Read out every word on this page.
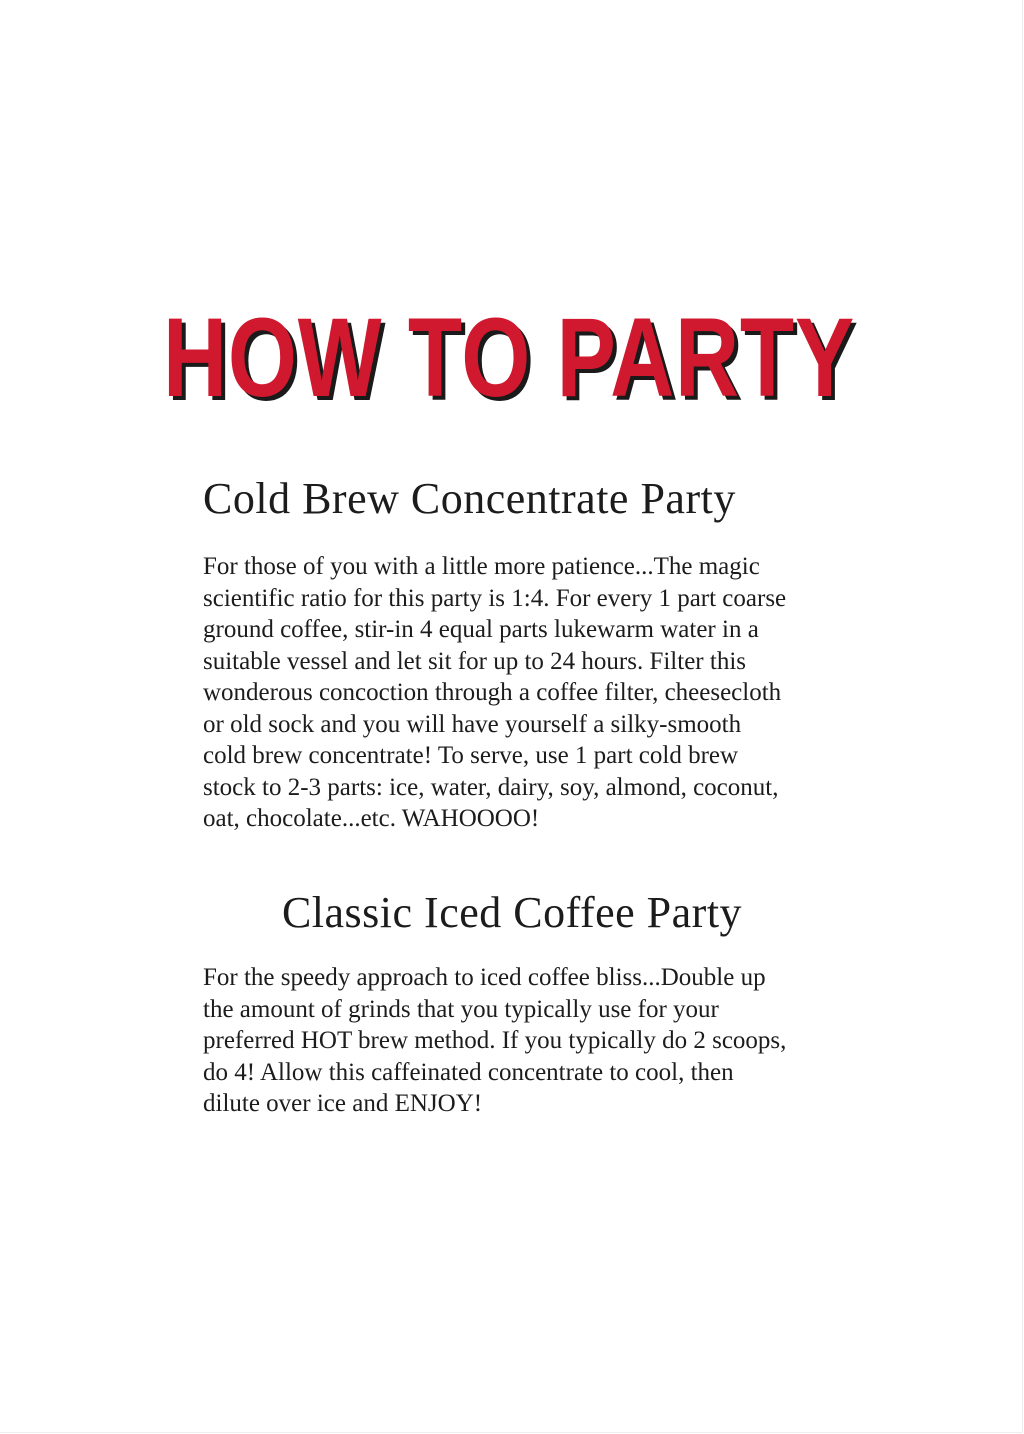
HOW TO PARTY
Cold Brew Concentrate Party
For those of you with a little more patience...The magic
scientific ratio for this party is 1:4. For every 1 part coarse
ground coffee, stir-in 4 equal parts lukewarm water in a
suitable vessel and let sit for up to 24 hours. Filter this
wonderous concoction through a coffee filter, cheesecloth
or old sock and you will have yourself a silky-smooth
cold brew concentrate! To serve, use 1 part cold brew
stock to 2-3 parts: ice, water, dairy, soy, almond, coconut,
oat, chocolate...etc. WAHOOOO!
Classic Iced Coffee Party
For the speedy approach to iced coffee bliss...Double up
the amount of grinds that you typically use for your
preferred HOT brew method. If you typically do 2 scoops,
do 4! Allow this caffeinated concentrate to cool, then
dilute over ice and ENJOY!
